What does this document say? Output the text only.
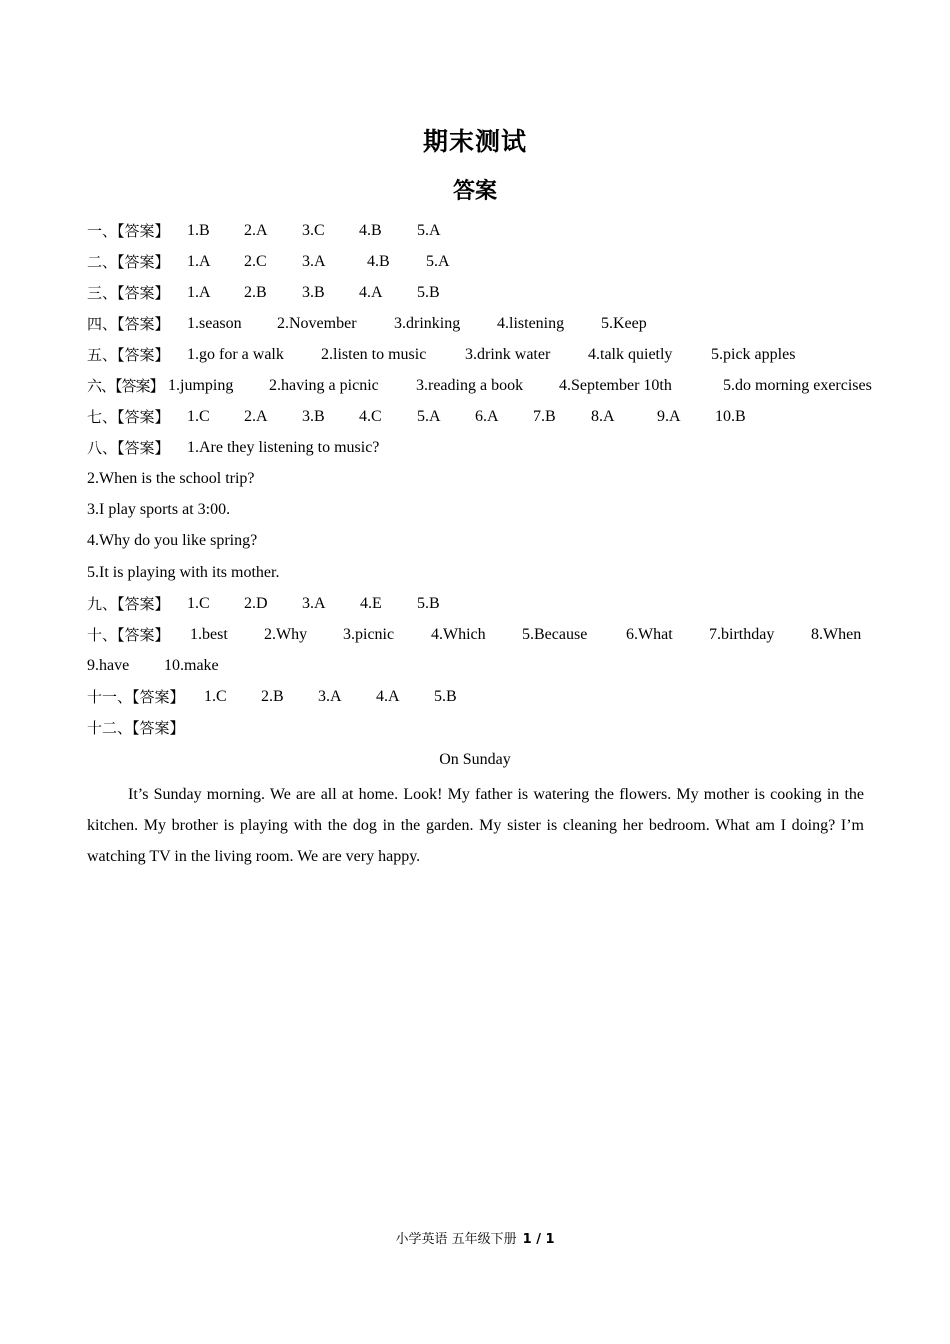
期末测试
答案
一、【答案】 1.B 2.A 3.C 4.B 5.A
二、【答案】 1.A 2.C 3.A	4.B 5.A
三、【答案】 1.A 2.B 3.B 4.A 5.B
四、【答案】 1.season 2.November 3.drinking 4.listening 5.Keep
五、【答案】 1.go for a walk 2.listen to music 3.drink water 4.talk quietly 5.pick apples
六、【答案】 1.jumping 2.having a picnic 3.reading a book 4.September 10th	5.do morning exercises
七、【答案】 1.C 2.A 3.B 4.C 5.A 6.A 7.B 8.A	9.A 10.B
八、【答案】 1.Are they listening to music?
2.When is the school trip?
3.I play sports at 3:00.
4.Why do you like spring?
5.It is playing with its mother.
九、【答案】 1.C 2.D 3.A 4.E 5.B
十、【答案】 1.best 2.Why 3.picnic 4.Which 5.Because 6.What 7.birthday 8.When
9.have 10.make
十一、【答案】 1.C 2.B 3.A 4.A 5.B
十二、【答案】
On Sunday
It’s Sunday morning. We are all at home. Look! My father is watering the flowers. My mother is cooking in the kitchen. My brother is playing with the dog in the garden. My sister is cleaning her bedroom. What am I doing? I’m watching TV in the living room. We are very happy.
小学英语 五年级下册 1 / 1
